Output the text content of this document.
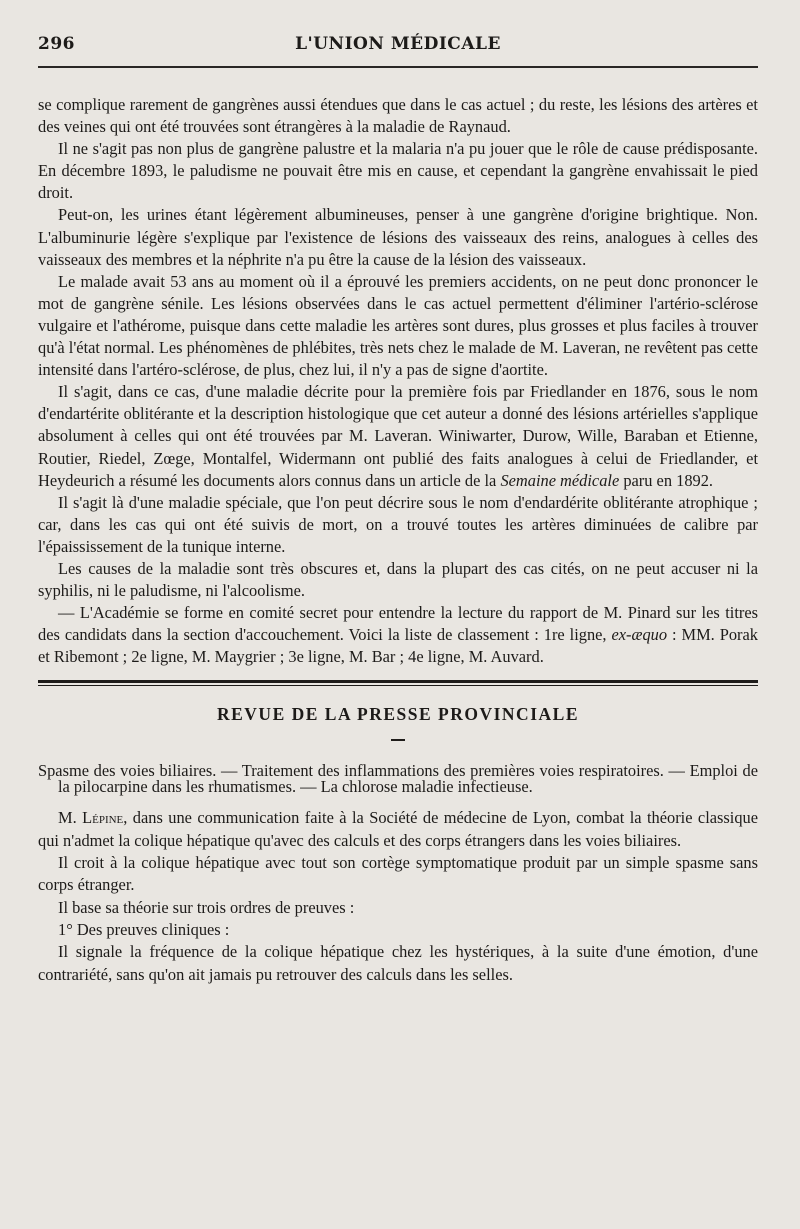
296	L'UNION MÉDICALE

se complique rarement de gangrènes aussi étendues que dans le cas actuel ; du reste, les lésions des artères et des veines qui ont été trouvées sont étrangères à la maladie de Raynaud.

Il ne s'agit pas non plus de gangrène palustre et la malaria n'a pu jouer que le rôle de cause prédisposante. En décembre 1893, le paludisme ne pouvait être mis en cause, et cependant la gangrène envahissait le pied droit.

Peut-on, les urines étant légèrement albumineuses, penser à une gangrène d'origine brightique. Non. L'albuminurie légère s'explique par l'existence de lésions des vaisseaux des reins, analogues à celles des vaisseaux des membres et la néphrite n'a pu être la cause de la lésion des vaisseaux.

Le malade avait 53 ans au moment où il a éprouvé les premiers accidents, on ne peut donc prononcer le mot de gangrène sénile. Les lésions observées dans le cas actuel permettent d'éliminer l'artério-sclérose vulgaire et l'athérome, puisque dans cette maladie les artères sont dures, plus grosses et plus faciles à trouver qu'à l'état normal. Les phénomènes de phlébites, très nets chez le malade de M. Laveran, ne revêtent pas cette intensité dans l'artéro-sclérose, de plus, chez lui, il n'y a pas de signe d'aortite.

Il s'agit, dans ce cas, d'une maladie décrite pour la première fois par Friedlander en 1876, sous le nom d'endartérite oblitérante et la description histologique que cet auteur a donné des lésions artérielles s'applique absolument à celles qui ont été trouvées par M. Laveran. Winiwarter, Durow, Wille, Baraban et Etienne, Routier, Riedel, Zœge, Montalfel, Widermann ont publié des faits analogues à celui de Friedlander, et Heydeurich a résumé les documents alors connus dans un article de la Semaine médicale paru en 1892.

Il s'agit là d'une maladie spéciale, que l'on peut décrire sous le nom d'endardérite oblitérante atrophique ; car, dans les cas qui ont été suivis de mort, on a trouvé toutes les artères diminuées de calibre par l'épaississement de la tunique interne.

Les causes de la maladie sont très obscures et, dans la plupart des cas cités, on ne peut accuser ni la syphilis, ni le paludisme, ni l'alcoolisme.

— L'Académie se forme en comité secret pour entendre la lecture du rapport de M. Pinard sur les titres des candidats dans la section d'accouchement. Voici la liste de classement : 1re ligne, ex-æquo : MM. Porak et Ribemont ; 2e ligne, M. Maygrier ; 3e ligne, M. Bar ; 4e ligne, M. Auvard.

REVUE DE LA PRESSE PROVINCIALE
Spasme des voies biliaires. — Traitement des inflammations des premières voies respiratoires. — Emploi de la pilocarpine dans les rhumatismes. — La chlorose maladie infectieuse.

M. Lépine, dans une communication faite à la Société de médecine de Lyon, combat la théorie classique qui n'admet la colique hépatique qu'avec des calculs et des corps étrangers dans les voies biliaires.

Il croit à la colique hépatique avec tout son cortège symptomatique produit par un simple spasme sans corps étranger.

Il base sa théorie sur trois ordres de preuves :

1° Des preuves cliniques :

Il signale la fréquence de la colique hépatique chez les hystériques, à la suite d'une émotion, d'une contrariété, sans qu'on ait jamais pu retrouver des calculs dans les selles.
